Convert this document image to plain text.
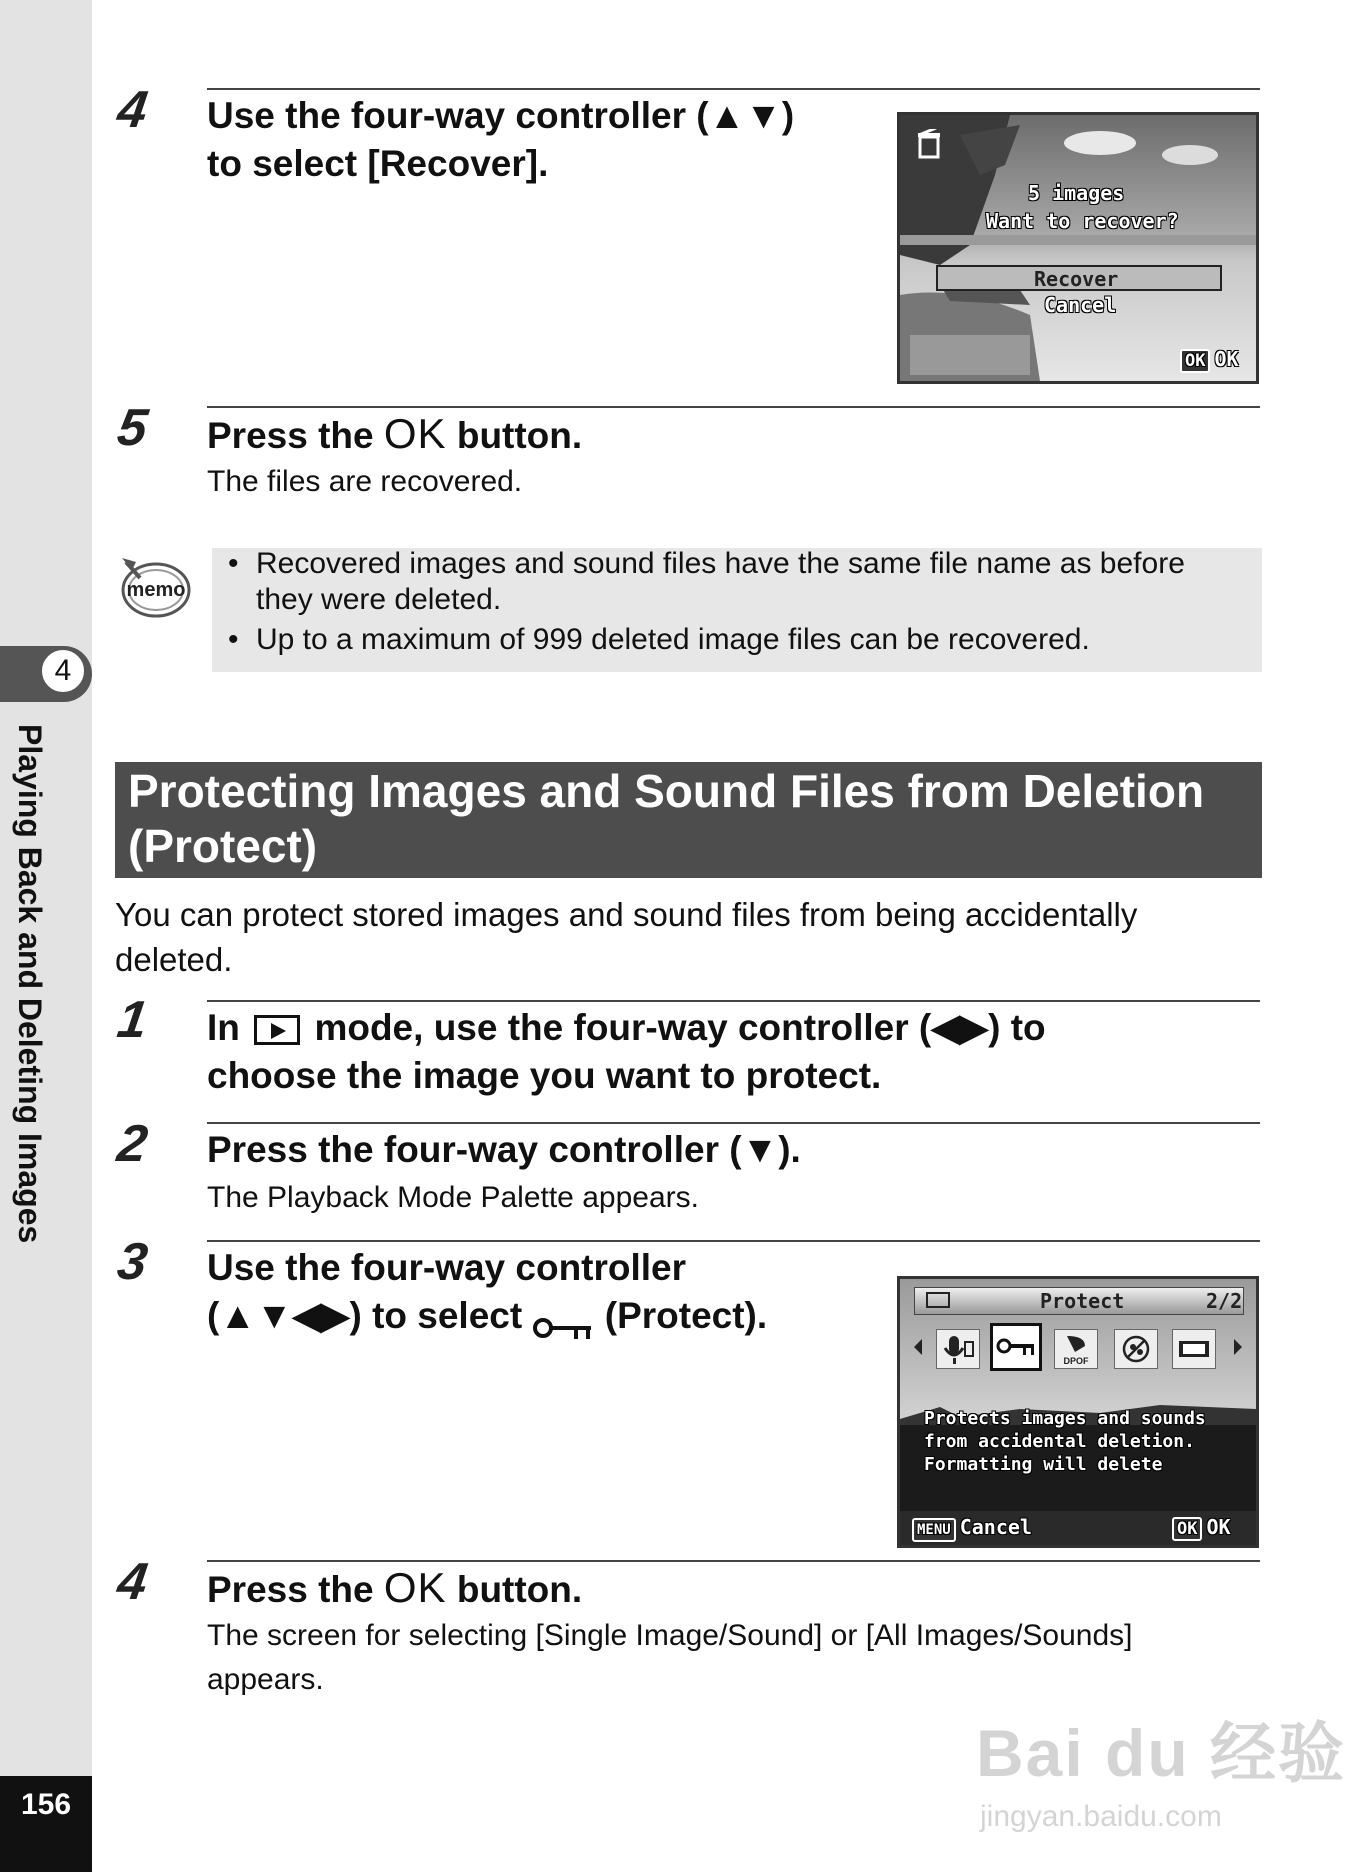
4
Playing Back and Deleting Images
156
4 Use the four-way controller (▲▼)
to select [Recover].
5 images
Want to recover?
Recover
Cancel
OK OK
5 Press the OK button.
The files are recovered.
memo
• Recovered images and sound files have the same file name as before
they were deleted.
• Up to a maximum of 999 deleted image files can be recovered.
Protecting Images and Sound Files from Deletion
(Protect)
You can protect stored images and sound files from being accidentally
deleted.
1 In  mode, use the four-way controller (◀▶) to
choose the image you want to protect.
2 Press the four-way controller (▼).
The Playback Mode Palette appears.
3 Use the four-way controller
(▲▼◀▶) to select  (Protect).	Protect	2/2
DPOF
Protects images and sounds
from accidental deletion.
Formatting will delete
MENU Cancel	OK OK
4 Press the OK button.
The screen for selecting [Single Image/Sound] or [All Images/Sounds]
appears.
Bai du 经验
jingyan.baidu.com
